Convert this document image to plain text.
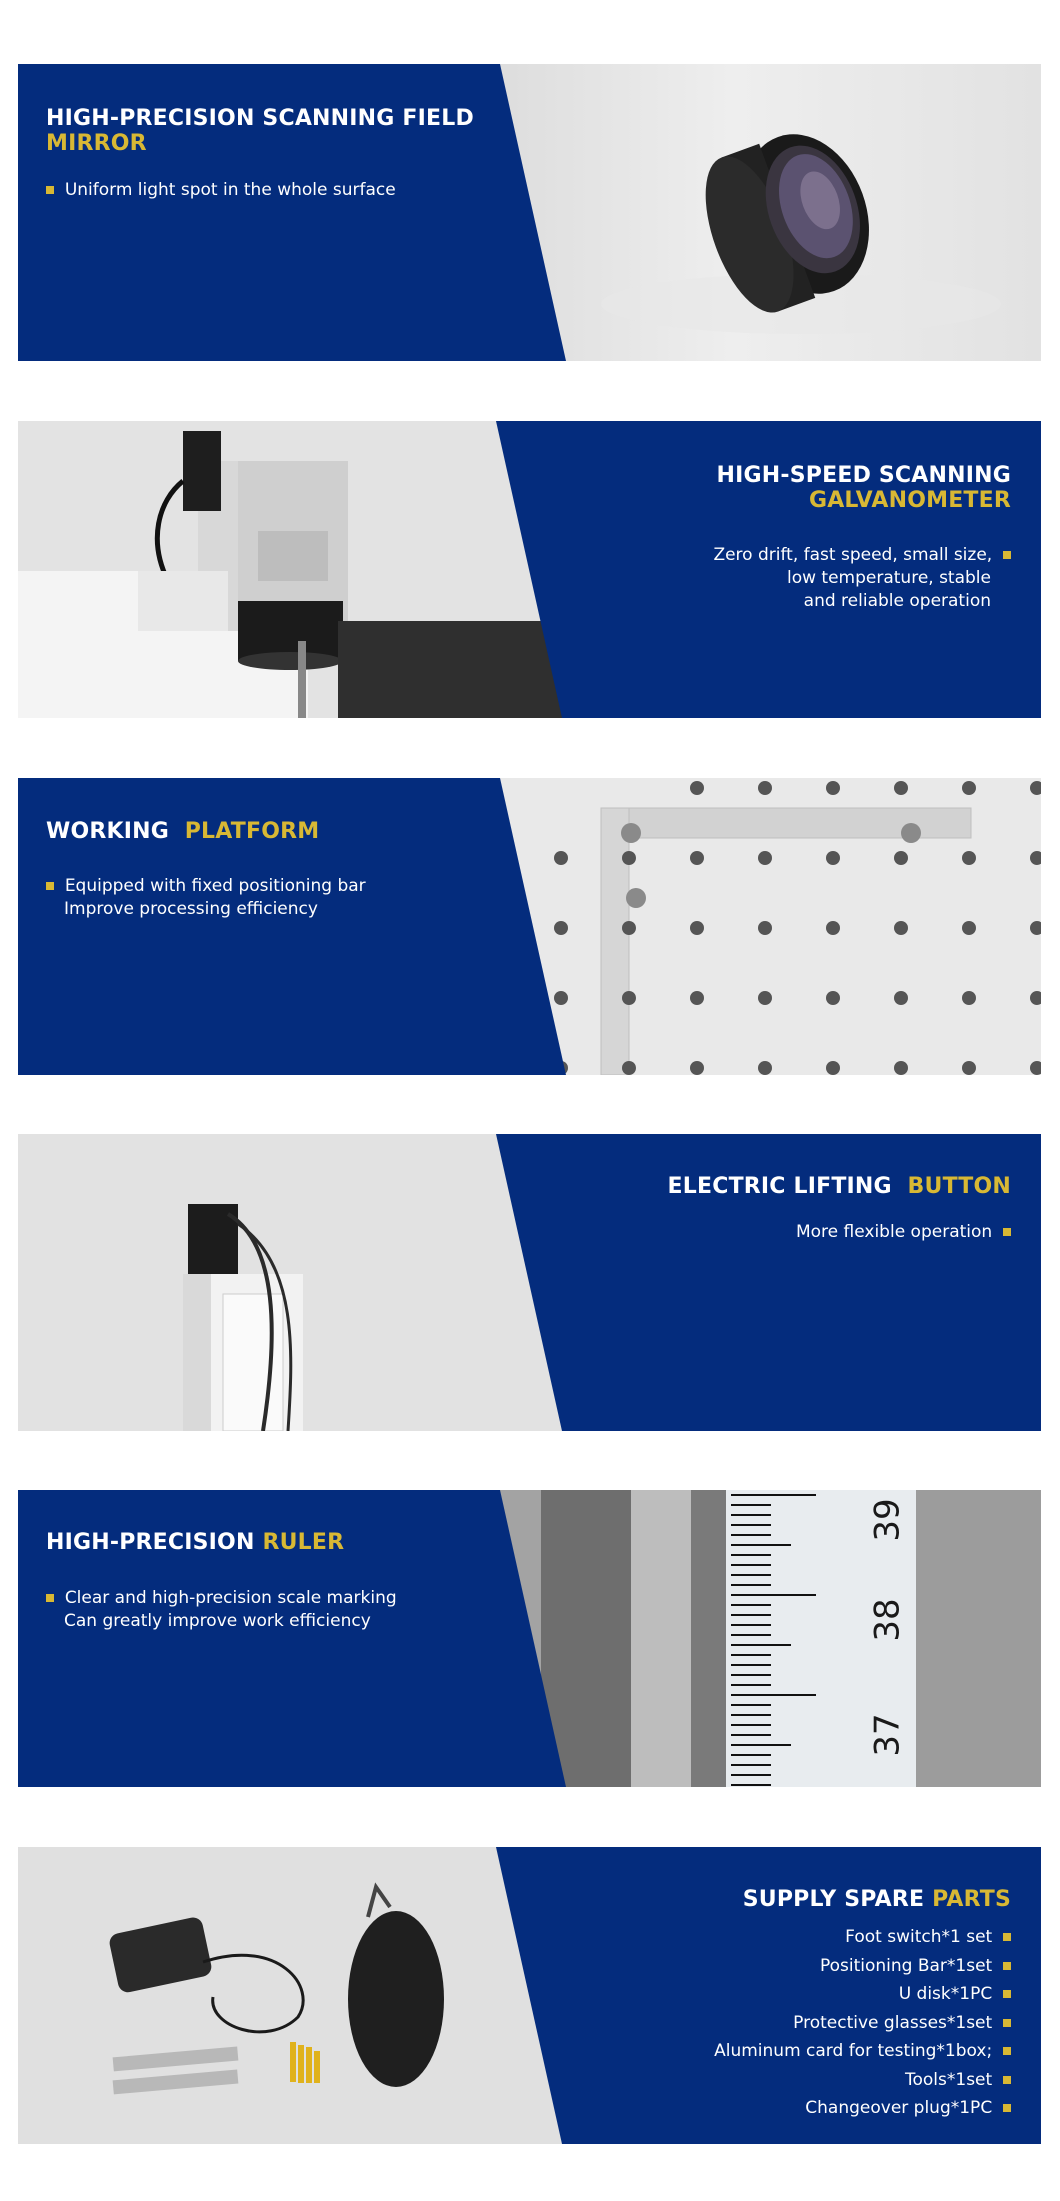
HIGH-PRECISION SCANNING FIELD
MIRROR
Uniform light spot in the whole surface
HIGH-SPEED SCANNING
GALVANOMETER
Zero drift, fast speed, small size,
low temperature, stable
and reliable operation
WORKING PLATFORM
Equipped with fixed positioning bar
Improve processing efficiency
ELECTRIC LIFTING BUTTON
More flexible operation
39
38
37
HIGH-PRECISION RULER
Clear and high-precision scale marking
Can greatly improve work efficiency
SUPPLY SPARE PARTS
Foot switch*1 set
Positioning Bar*1set
U disk*1PC
Protective glasses*1set
Aluminum card for testing*1box;
Tools*1set
Changeover plug*1PC
